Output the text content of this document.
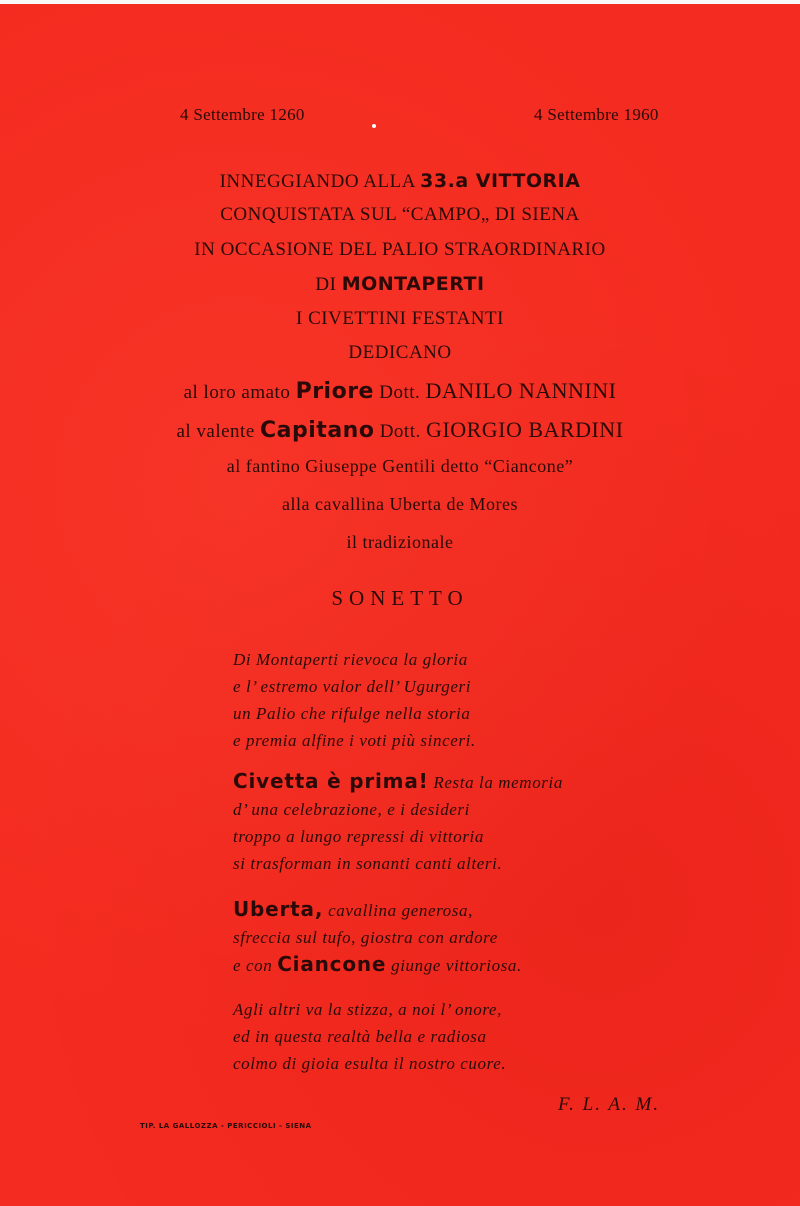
4 Settembre 1260	4 Settembre 1960
INNEGGIANDO ALLA 33.a VITTORIA
CONQUISTATA SUL “CAMPO„ DI SIENA
IN OCCASIONE DEL PALIO STRAORDINARIO
DI MONTAPERTI
I CIVETTINI FESTANTI
DEDICANO
al loro amato Priore Dott. DANILO NANNINI
al valente Capitano Dott. GIORGIO BARDINI
al fantino Giuseppe Gentili detto “Ciancone”
alla cavallina Uberta de Mores
il tradizionale
SONETTO
Di Montaperti rievoca la gloria
e l’ estremo valor dell’ Ugurgeri
un Palio che rifulge nella storia
e premia alfine i voti più sinceri.
Civetta è prima! Resta la memoria
d’ una celebrazione, e i desideri
troppo a lungo repressi di vittoria
si trasforman in sonanti canti alteri.
Uberta, cavallina generosa,
sfreccia sul tufo, giostra con ardore
e con Ciancone giunge vittoriosa.
Agli altri va la stizza, a noi l’ onore,
ed in questa realtà bella e radiosa
colmo di gioia esulta il nostro cuore.
F. L. A. M.
TIP. LA GALLOZZA - PERICCIOLI - SIENA
